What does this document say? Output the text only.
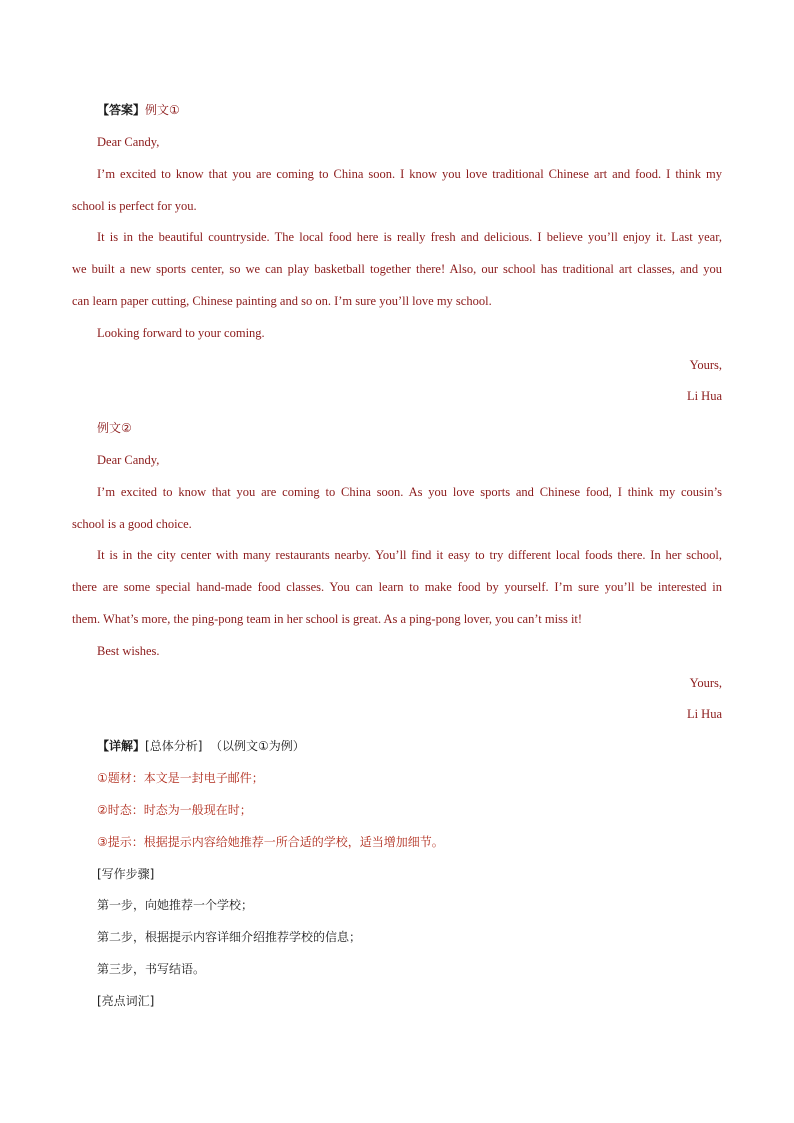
【答案】例文①
Dear Candy,
I’m excited to know that you are coming to China soon. I know you love traditional Chinese art and food. I think my
school is perfect for you.
It is in the beautiful countryside. The local food here is really fresh and delicious. I believe you’ll enjoy it. Last year,
we built a new sports center, so we can play basketball together there! Also, our school has traditional art classes, and you
can learn paper cutting, Chinese painting and so on. I’m sure you’ll love my school.
Looking forward to your coming.
Yours,
Li Hua
例文②
Dear Candy,
I’m excited to know that you are coming to China soon. As you love sports and Chinese food, I think my cousin’s
school is a good choice.
It is in the city center with many restaurants nearby. You’ll find it easy to try different local foods there. In her school,
there are some special hand-made food classes. You can learn to make food by yourself. I’m sure you’ll be interested in
them. What’s more, the ping-pong team in her school is great. As a ping-pong lover, you can’t miss it!
Best wishes.
Yours,
Li Hua
【详解】[总体分析] （以例文①为例）
①题材：本文是一封电子邮件；
②时态：时态为一般现在时；
③提示：根据提示内容给她推荐一所合适的学校，适当增加细节。
[写作步骤]
第一步，向她推荐一个学校；
第二步，根据提示内容详细介绍推荐学校的信息；
第三步，书写结语。
[亮点词汇]
